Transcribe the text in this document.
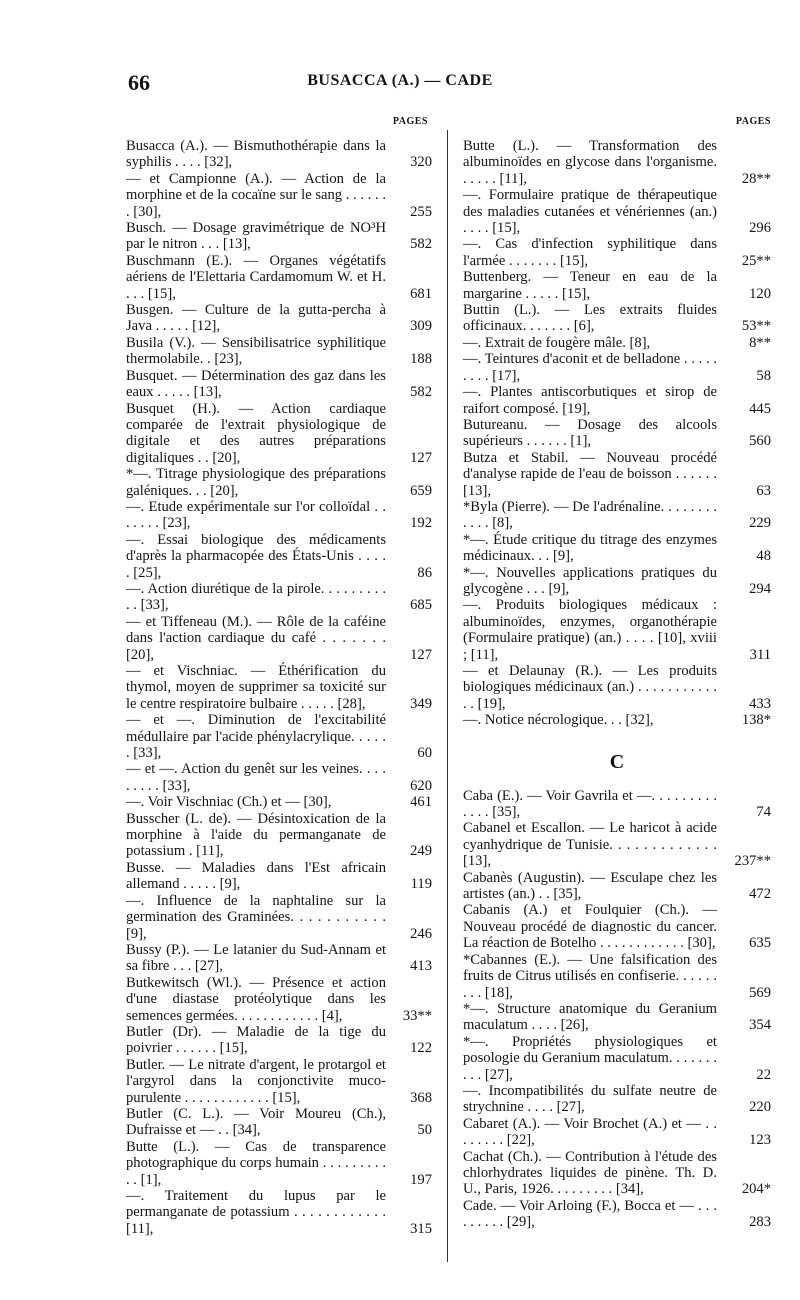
66	BUSACCA (A.) — CADE
PAGES
Busacca (A.). — Bismuthothérapie dans la syphilis . . . . [32],	320
— et Campionne (A.). — Action de la morphine et de la cocaïne sur le sang . . . . . . . [30],	255
Busch. — Dosage gravimétrique de NO³H par le nitron . . . [13],	582
Buschmann (E.). — Organes végétatifs aériens de l'Elettaria Cardamomum W. et H. . . . [15],	681
Busgen. — Culture de la gutta-percha à Java . . . . . [12],	309
Busila (V.). — Sensibilisatrice syphilitique thermolabile. . [23],	188
Busquet. — Détermination des gaz dans les eaux . . . . . [13],	582
Busquet (H.). — Action cardiaque comparée de l'extrait physiologique de digitale et des autres préparations digitaliques . . [20],	127
*—. Titrage physiologique des préparations galéniques. . . [20],	659
—. Etude expérimentale sur l'or colloïdal . . . . . . . [23],	192
—. Essai biologique des médicaments d'après la pharmacopée des États-Unis . . . . . [25],	86
—. Action diurétique de la pirole. . . . . . . . . . . [33],	685
— et Tiffeneau (M.). — Rôle de la caféine dans l'action cardiaque du café . . . . . . . [20],	127
— et Vischniac. — Éthérification du thymol, moyen de supprimer sa toxicité sur le centre respiratoire bulbaire . . . . . [28],	349
— et —. Diminution de l'excitabilité médullaire par l'acide phénylacrylique. . . . . . [33],	60
— et —. Action du genêt sur les veines. . . . . . . . . [33],	620
—. Voir Vischniac (Ch.) et — [30],	461
Busscher (L. de). — Désintoxication de la morphine à l'aide du permanganate de potassium . [11],	249
Busse. — Maladies dans l'Est africain allemand . . . . . [9],	119
—. Influence de la naphtaline sur la germination des Graminées. . . . . . . . . . . [9],	246
Bussy (P.). — Le latanier du Sud-Annam et sa fibre . . . [27],	413
Butkewitsch (Wl.). — Présence et action d'une diastase protéolytique dans les semences germées. . . . . . . . . . . . [4],	33**
Butler (Dr). — Maladie de la tige du poivrier . . . . . . [15],	122
Butler. — Le nitrate d'argent, le protargol et l'argyrol dans la conjonctivite muco-purulente . . . . . . . . . . . . [15],	368
Butler (C. L.). — Voir Moureu (Ch.), Dufraisse et — . . [34],	50
Butte (L.). — Cas de transparence photographique du corps humain . . . . . . . . . . . [1],	197
—. Traitement du lupus par le permanganate de potassium . . . . . . . . . . . . [11],	315
PAGES
Butte (L.). — Transformation des albuminoïdes en glycose dans l'organisme. . . . . . [11],	28**
—. Formulaire pratique de thérapeutique des maladies cutanées et vénériennes (an.) . . . . [15],	296
—. Cas d'infection syphilitique dans l'armée . . . . . . . [15],	25**
Buttenberg. — Teneur en eau de la margarine . . . . . [15],	120
Buttin (L.). — Les extraits fluides officinaux. . . . . . . [6],	53**
—. Extrait de fougère mâle. [8],	8**
—. Teintures d'aconit et de belladone . . . . . . . . . [17],	58
—. Plantes antiscorbutiques et sirop de raifort composé. [19],	445
Butureanu. — Dosage des alcools supérieurs . . . . . . [1],	560
Butza et Stabil. — Nouveau procédé d'analyse rapide de l'eau de boisson . . . . . . [13],	63
*Byla (Pierre). — De l'adrénaline. . . . . . . . . . . . [8],	229
*—. Étude critique du titrage des enzymes médicinaux. . . [9],	48
*—. Nouvelles applications pratiques du glycogène . . . [9],	294
—. Produits biologiques médicaux : albuminoïdes, enzymes, organothérapie (Formulaire pratique) (an.) . . . . [10], xviii ; [11],	311
— et Delaunay (R.). — Les produits biologiques médicinaux (an.) . . . . . . . . . . . . . [19],	433
—. Notice nécrologique. . . [32],	138*
C
Caba (E.). — Voir Gavrila et —. . . . . . . . . . . . . [35],	74
Cabanel et Escallon. — Le haricot à acide cyanhydrique de Tunisie. . . . . . . . . . . . . [13],	237**
Cabanès (Augustin). — Esculape chez les artistes (an.) . . [35],	472
Cabanis (A.) et Foulquier (Ch.). — Nouveau procédé de diagnostic du cancer. La réaction de Botelho . . . . . . . . . . . . [30],	635
*Cabannes (E.). — Une falsification des fruits de Citrus utilisés en confiserie. . . . . . . . . [18],	569
*—. Structure anatomique du Geranium maculatum . . . . [26],	354
*—. Propriétés physiologiques et posologie du Geranium maculatum. . . . . . . . . . [27],	22
—. Incompatibilités du sulfate neutre de strychnine . . . . [27],	220
Cabaret (A.). — Voir Brochet (A.) et — . . . . . . . . [22],	123
Cachat (Ch.). — Contribution à l'étude des chlorhydrates liquides de pinène. Th. D. U., Paris, 1926. . . . . . . . . [34],	204*
Cade. — Voir Arloing (F.), Bocca et — . . . . . . . . . [29],	283
